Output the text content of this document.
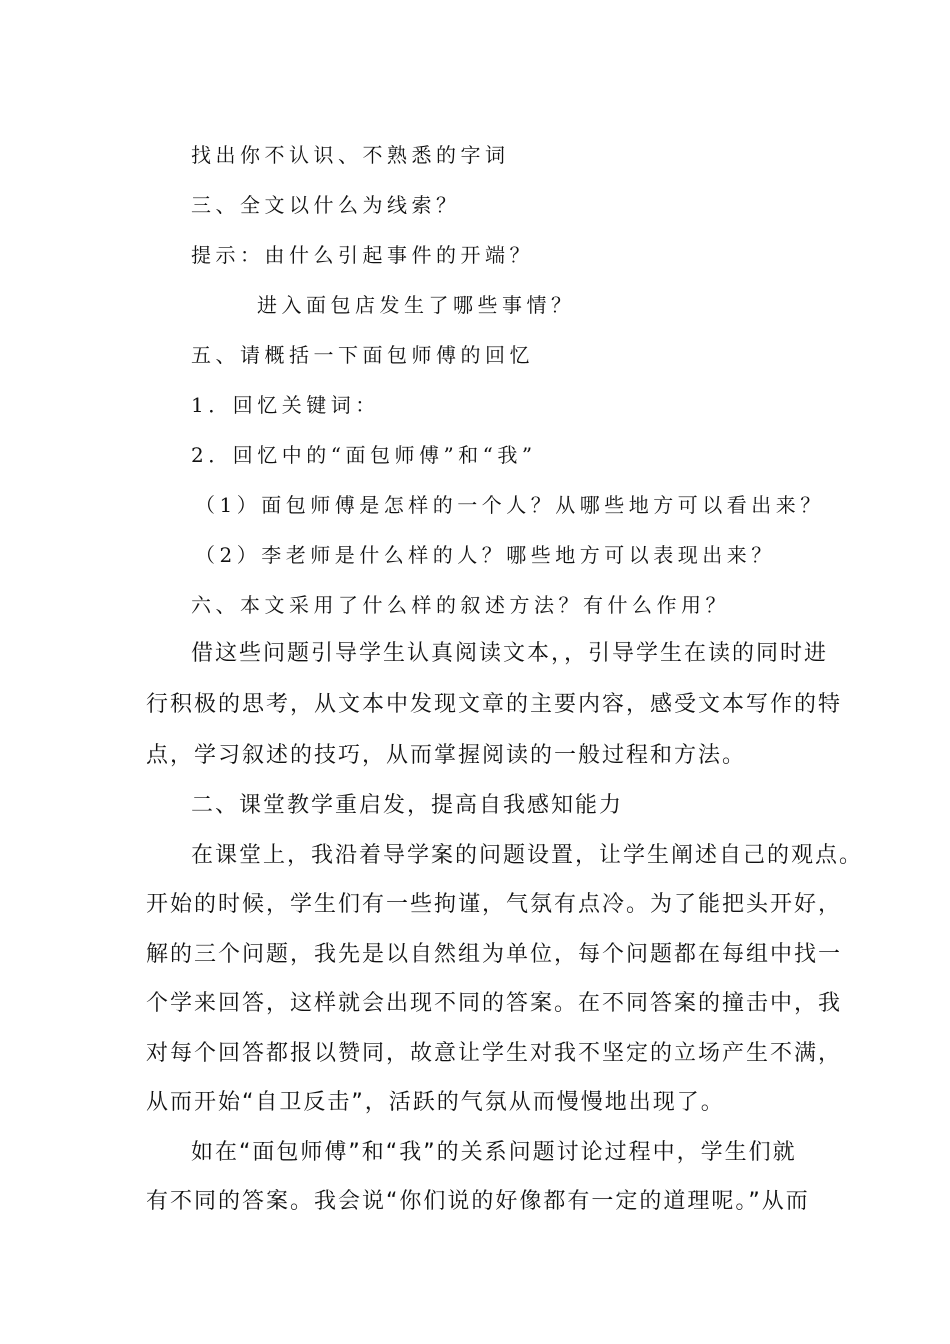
找出你不认识、不熟悉的字词
三、全文以什么为线索？
提示：由什么引起事件的开端？
进入面包店发生了哪些事情？
五、请概括一下面包师傅的回忆
1．回忆关键词：
2．回忆中的“面包师傅”和“我”
（1）面包师傅是怎样的一个人？从哪些地方可以看出来？
（2）李老师是什么样的人？哪些地方可以表现出来？
六、本文采用了什么样的叙述方法？有什么作用？
借这些问题引导学生认真阅读文本，，引导学生在读的同时进
行积极的思考，从文本中发现文章的主要内容，感受文本写作的特
点，学习叙述的技巧，从而掌握阅读的一般过程和方法。
二、课堂教学重启发，提高自我感知能力
在课堂上，我沿着导学案的问题设置，让学生阐述自己的观点。
开始的时候，学生们有一些拘谨，气氛有点冷。为了能把头开好，
解的三个问题，我先是以自然组为单位，每个问题都在每组中找一
个学来回答，这样就会出现不同的答案。在不同答案的撞击中，我
对每个回答都报以赞同，故意让学生对我不坚定的立场产生不满，
从而开始“自卫反击”，活跃的气氛从而慢慢地出现了。
如在“面包师傅”和“我”的关系问题讨论过程中，学生们就
有不同的答案。我会说“你们说的好像都有一定的道理呢。”从而
